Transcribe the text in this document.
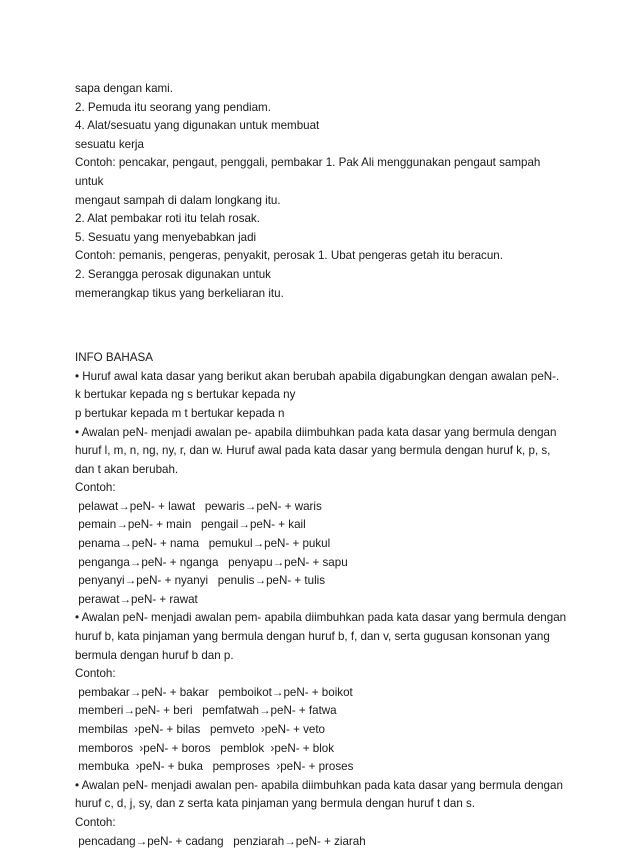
sapa dengan kami.
2. Pemuda itu seorang yang pendiam.
4. Alat/sesuatu yang digunakan untuk membuat
sesuatu kerja
Contoh: pencakar, pengaut, penggali, pembakar 1. Pak Ali menggunakan pengaut sampah
untuk
mengaut sampah di dalam longkang itu.
2. Alat pembakar roti itu telah rosak.
5. Sesuatu yang menyebabkan jadi
Contoh: pemanis, pengeras, penyakit, perosak 1. Ubat pengeras getah itu beracun.
2. Serangga perosak digunakan untuk
memerangkap tikus yang berkeliaran itu.
INFO BAHASA
• Huruf awal kata dasar yang berikut akan berubah apabila digabungkan dengan awalan peN-.
k bertukar kepada ng s bertukar kepada ny
p bertukar kepada m t bertukar kepada n
• Awalan peN- menjadi awalan pe- apabila diimbuhkan pada kata dasar yang bermula dengan
huruf l, m, n, ng, ny, r, dan w. Huruf awal pada kata dasar yang bermula dengan huruf k, p, s,
dan t akan berubah.
Contoh:
pelawat→peN- + lawat   pewaris→peN- + waris
pemain→peN- + main   pengail→peN- + kail
penama→peN- + nama   pemukul→peN- + pukul
penganga→peN- + nganga   penyapu→peN- + sapu
penyanyi→peN- + nyanyi   penulis→peN- + tulis
perawat→peN- + rawat
• Awalan peN- menjadi awalan pem- apabila diimbuhkan pada kata dasar yang bermula dengan
huruf b, kata pinjaman yang bermula dengan huruf b, f, dan v, serta gugusan konsonan yang
bermula dengan huruf b dan p.
Contoh:
pembakar→peN- + bakar   pemboikot→peN- + boikot
memberi→peN- + beri   pemfatwah→peN- + fatwa
membilas  ›peN- + bilas   pemveto  ›peN- + veto
memboros  ›peN- + boros   pemblok  ›peN- + blok
membuka  ›peN- + buka   pemproses  ›peN- + proses
• Awalan peN- menjadi awalan pen- apabila diimbuhkan pada kata dasar yang bermula dengan
huruf c, d, j, sy, dan z serta kata pinjaman yang bermula dengan huruf t dan s.
Contoh:
pencadang→peN- + cadang   penziarah→peN- + ziarah
